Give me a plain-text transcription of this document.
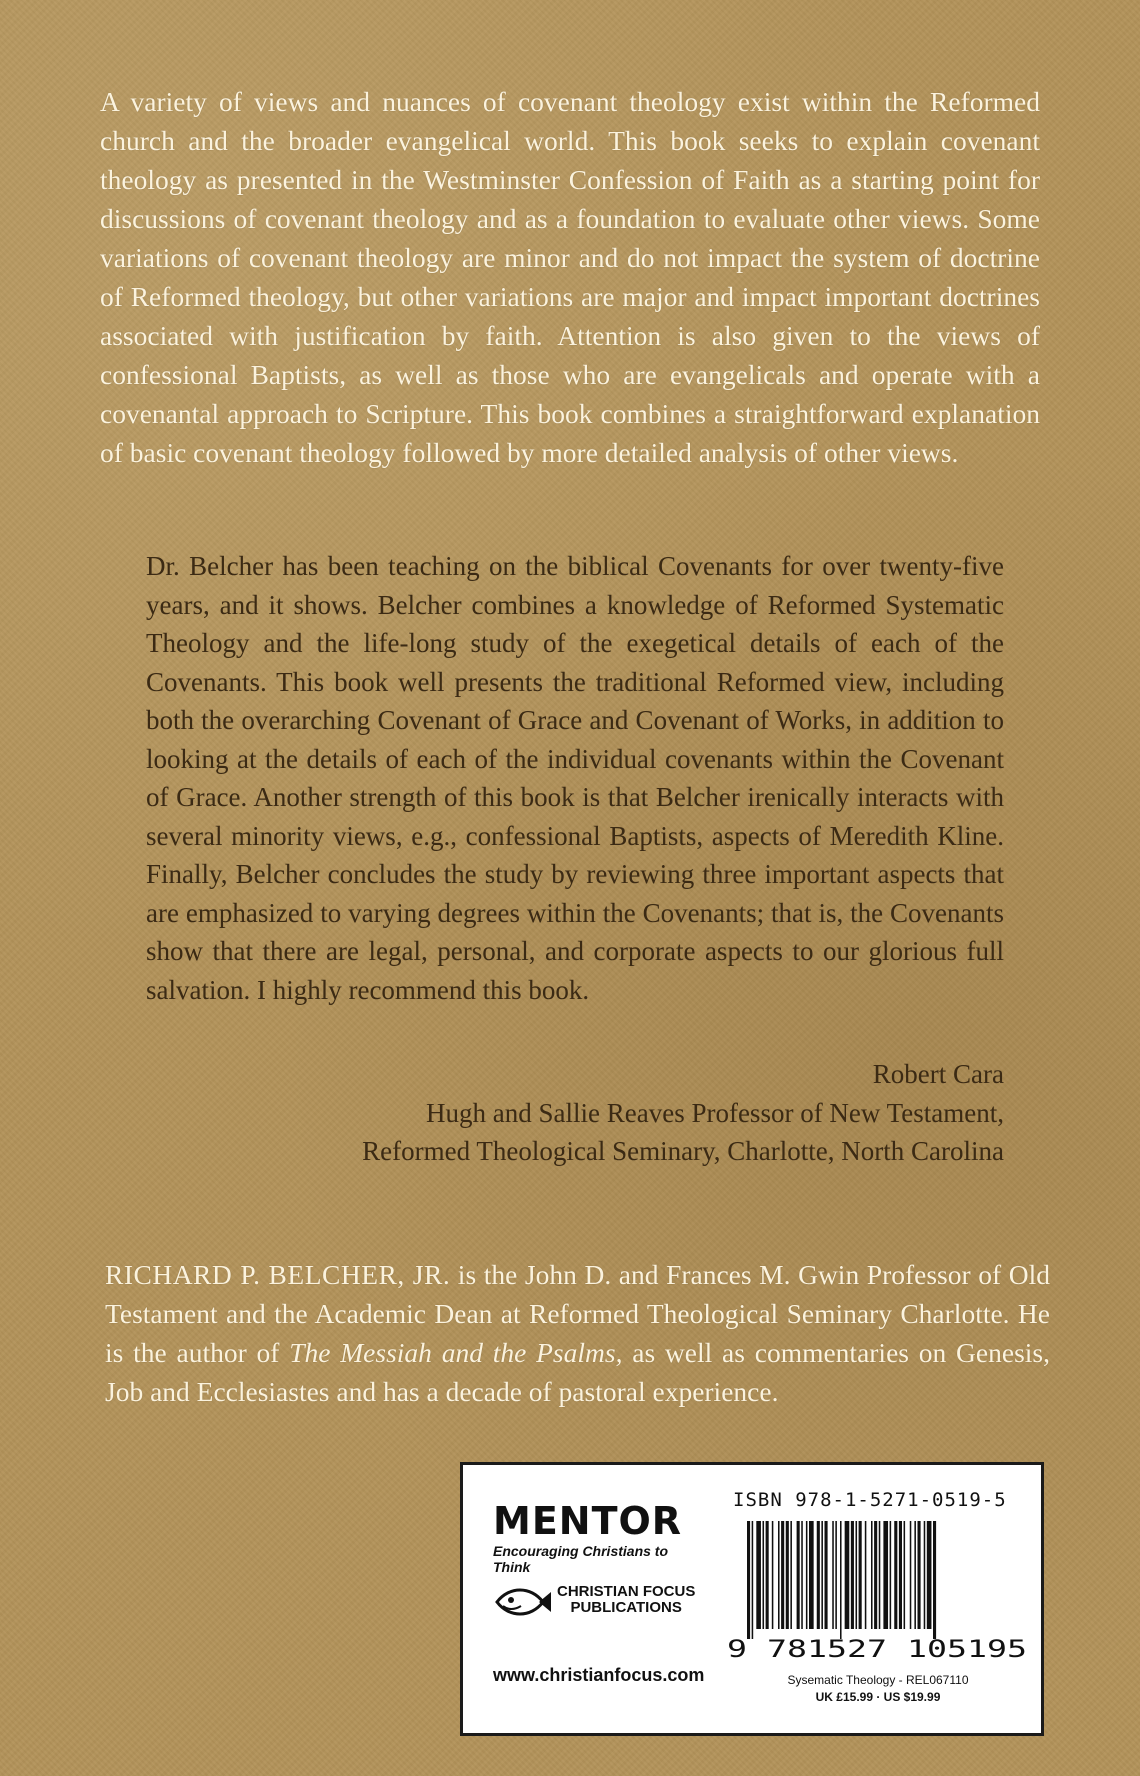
A variety of views and nuances of covenant theology exist within the Reformed church and the broader evangelical world. This book seeks to explain covenant theology as presented in the Westminster Confession of Faith as a starting point for discussions of covenant theology and as a foundation to evaluate other views. Some variations of covenant theology are minor and do not impact the system of doctrine of Reformed theology, but other variations are major and impact important doctrines associated with justification by faith. Attention is also given to the views of confessional Baptists, as well as those who are evangelicals and operate with a covenantal approach to Scripture. This book combines a straightforward explanation of basic covenant theology followed by more detailed analysis of other views.

Dr. Belcher has been teaching on the biblical Covenants for over twenty-five years, and it shows. Belcher combines a knowledge of Reformed Systematic Theology and the life-long study of the exegetical details of each of the Covenants. This book well presents the traditional Reformed view, including both the overarching Covenant of Grace and Covenant of Works, in addition to looking at the details of each of the individual covenants within the Covenant of Grace. Another strength of this book is that Belcher irenically interacts with several minority views, e.g., confessional Baptists, aspects of Meredith Kline. Finally, Belcher concludes the study by reviewing three important aspects that are emphasized to varying degrees within the Covenants; that is, the Covenants show that there are legal, personal, and corporate aspects to our glorious full salvation. I highly recommend this book.

Robert Cara
Hugh and Sallie Reaves Professor of New Testament,
Reformed Theological Seminary, Charlotte, North Carolina

RICHARD P. BELCHER, JR. is the John D. and Frances M. Gwin Professor of Old Testament and the Academic Dean at Reformed Theological Seminary Charlotte. He is the author of The Messiah and the Psalms, as well as commentaries on Genesis, Job and Ecclesiastes and has a decade of pastoral experience.

MENTOR
Encouraging Christians to Think
CHRISTIAN FOCUS
PUBLICATIONS
www.christianfocus.com
ISBN 978-1-5271-0519-5
9 781527 105195
Sysematic Theology - REL067110
UK £15.99 · US $19.99
